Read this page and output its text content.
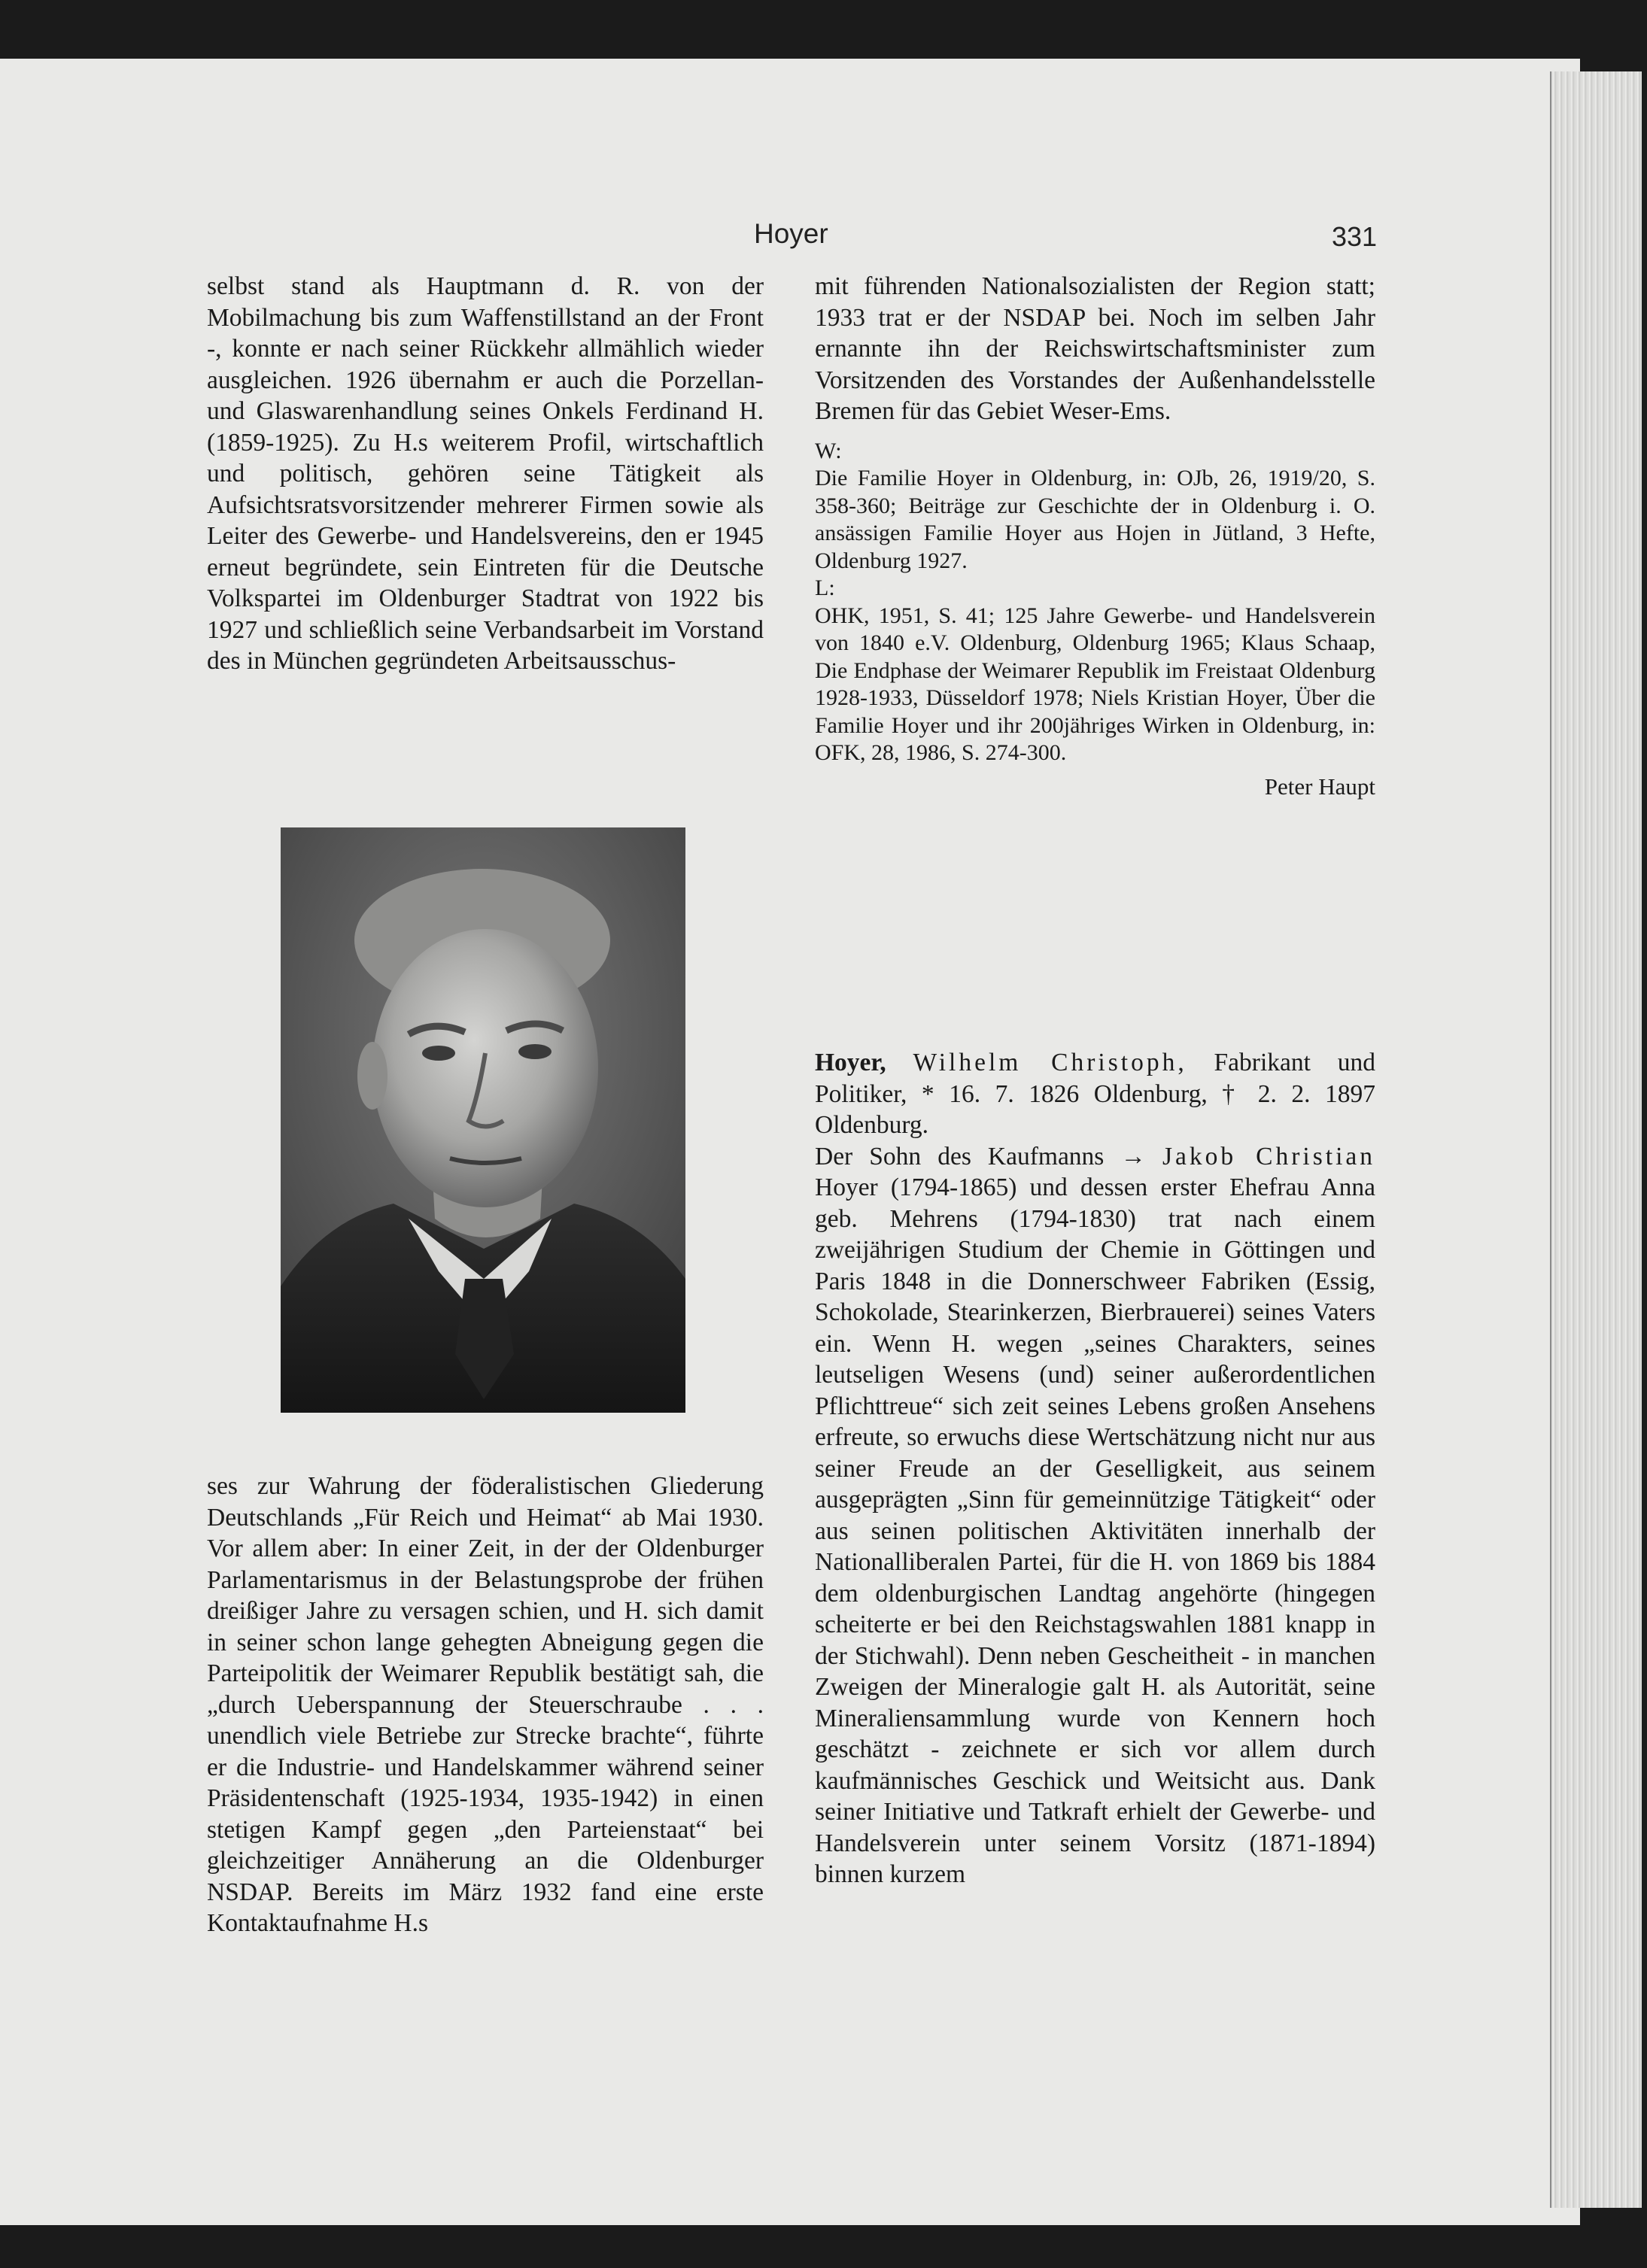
Hoyer	331

selbst stand als Hauptmann d. R. von der Mobilmachung bis zum Waffenstillstand an der Front -, konnte er nach seiner Rückkehr allmählich wieder ausgleichen. 1926 übernahm er auch die Porzellan- und Glaswarenhandlung seines Onkels Ferdinand H. (1859-1925). Zu H.s weiterem Profil, wirtschaftlich und politisch, gehören seine Tätigkeit als Aufsichtsratsvorsitzender mehrerer Firmen sowie als Leiter des Gewerbe- und Handelsvereins, den er 1945 erneut begründete, sein Eintreten für die Deutsche Volkspartei im Oldenburger Stadtrat von 1922 bis 1927 und schließlich seine Verbandsarbeit im Vorstand des in München gegründeten Arbeitsausschus-

ses zur Wahrung der föderalistischen Gliederung Deutschlands „Für Reich und Heimat“ ab Mai 1930. Vor allem aber: In einer Zeit, in der der Oldenburger Parlamentarismus in der Belastungsprobe der frühen dreißiger Jahre zu versagen schien, und H. sich damit in seiner schon lange gehegten Abneigung gegen die Parteipolitik der Weimarer Republik bestätigt sah, die „durch Ueberspannung der Steuerschraube . . . unendlich viele Betriebe zur Strecke brachte“, führte er die Industrie- und Handelskammer während seiner Präsidentenschaft (1925-1934, 1935-1942) in einen stetigen Kampf gegen „den Parteienstaat“ bei gleichzeitiger Annäherung an die Oldenburger NSDAP. Bereits im März 1932 fand eine erste Kontaktaufnahme H.s

mit führenden Nationalsozialisten der Region statt; 1933 trat er der NSDAP bei. Noch im selben Jahr ernannte ihn der Reichswirtschaftsminister zum Vorsitzenden des Vorstandes der Außenhandelsstelle Bremen für das Gebiet Weser-Ems.

W:

Die Familie Hoyer in Oldenburg, in: OJb, 26, 1919/20, S. 358-360; Beiträge zur Geschichte der in Oldenburg i. O. ansässigen Familie Hoyer aus Hojen in Jütland, 3 Hefte, Oldenburg 1927.

L:

OHK, 1951, S. 41; 125 Jahre Gewerbe- und Handelsverein von 1840 e.V. Oldenburg, Oldenburg 1965; Klaus Schaap, Die Endphase der Weimarer Republik im Freistaat Oldenburg 1928-1933, Düsseldorf 1978; Niels Kristian Hoyer, Über die Familie Hoyer und ihr 200jähriges Wirken in Oldenburg, in: OFK, 28, 1986, S. 274-300.

Peter Haupt

Hoyer, Wilhelm Christoph, Fabrikant und Politiker, * 16. 7. 1826 Oldenburg, † 2. 2. 1897 Oldenburg.

Der Sohn des Kaufmanns → Jakob Christian Hoyer (1794-1865) und dessen erster Ehefrau Anna geb. Mehrens (1794-1830) trat nach einem zweijährigen Studium der Chemie in Göttingen und Paris 1848 in die Donnerschweer Fabriken (Essig, Schokolade, Stearinkerzen, Bierbrauerei) seines Vaters ein. Wenn H. wegen „seines Charakters, seines leutseligen Wesens (und) seiner außerordentlichen Pflichttreue“ sich zeit seines Lebens großen Ansehens erfreute, so erwuchs diese Wertschätzung nicht nur aus seiner Freude an der Geselligkeit, aus seinem ausgeprägten „Sinn für gemeinnützige Tätigkeit“ oder aus seinen politischen Aktivitäten innerhalb der Nationalliberalen Partei, für die H. von 1869 bis 1884 dem oldenburgischen Landtag angehörte (hingegen scheiterte er bei den Reichstagswahlen 1881 knapp in der Stichwahl). Denn neben Gescheitheit - in manchen Zweigen der Mineralogie galt H. als Autorität, seine Mineraliensammlung wurde von Kennern hoch geschätzt - zeichnete er sich vor allem durch kaufmännisches Geschick und Weitsicht aus. Dank seiner Initiative und Tatkraft erhielt der Gewerbe- und Handelsverein unter seinem Vorsitz (1871-1894) binnen kurzem
